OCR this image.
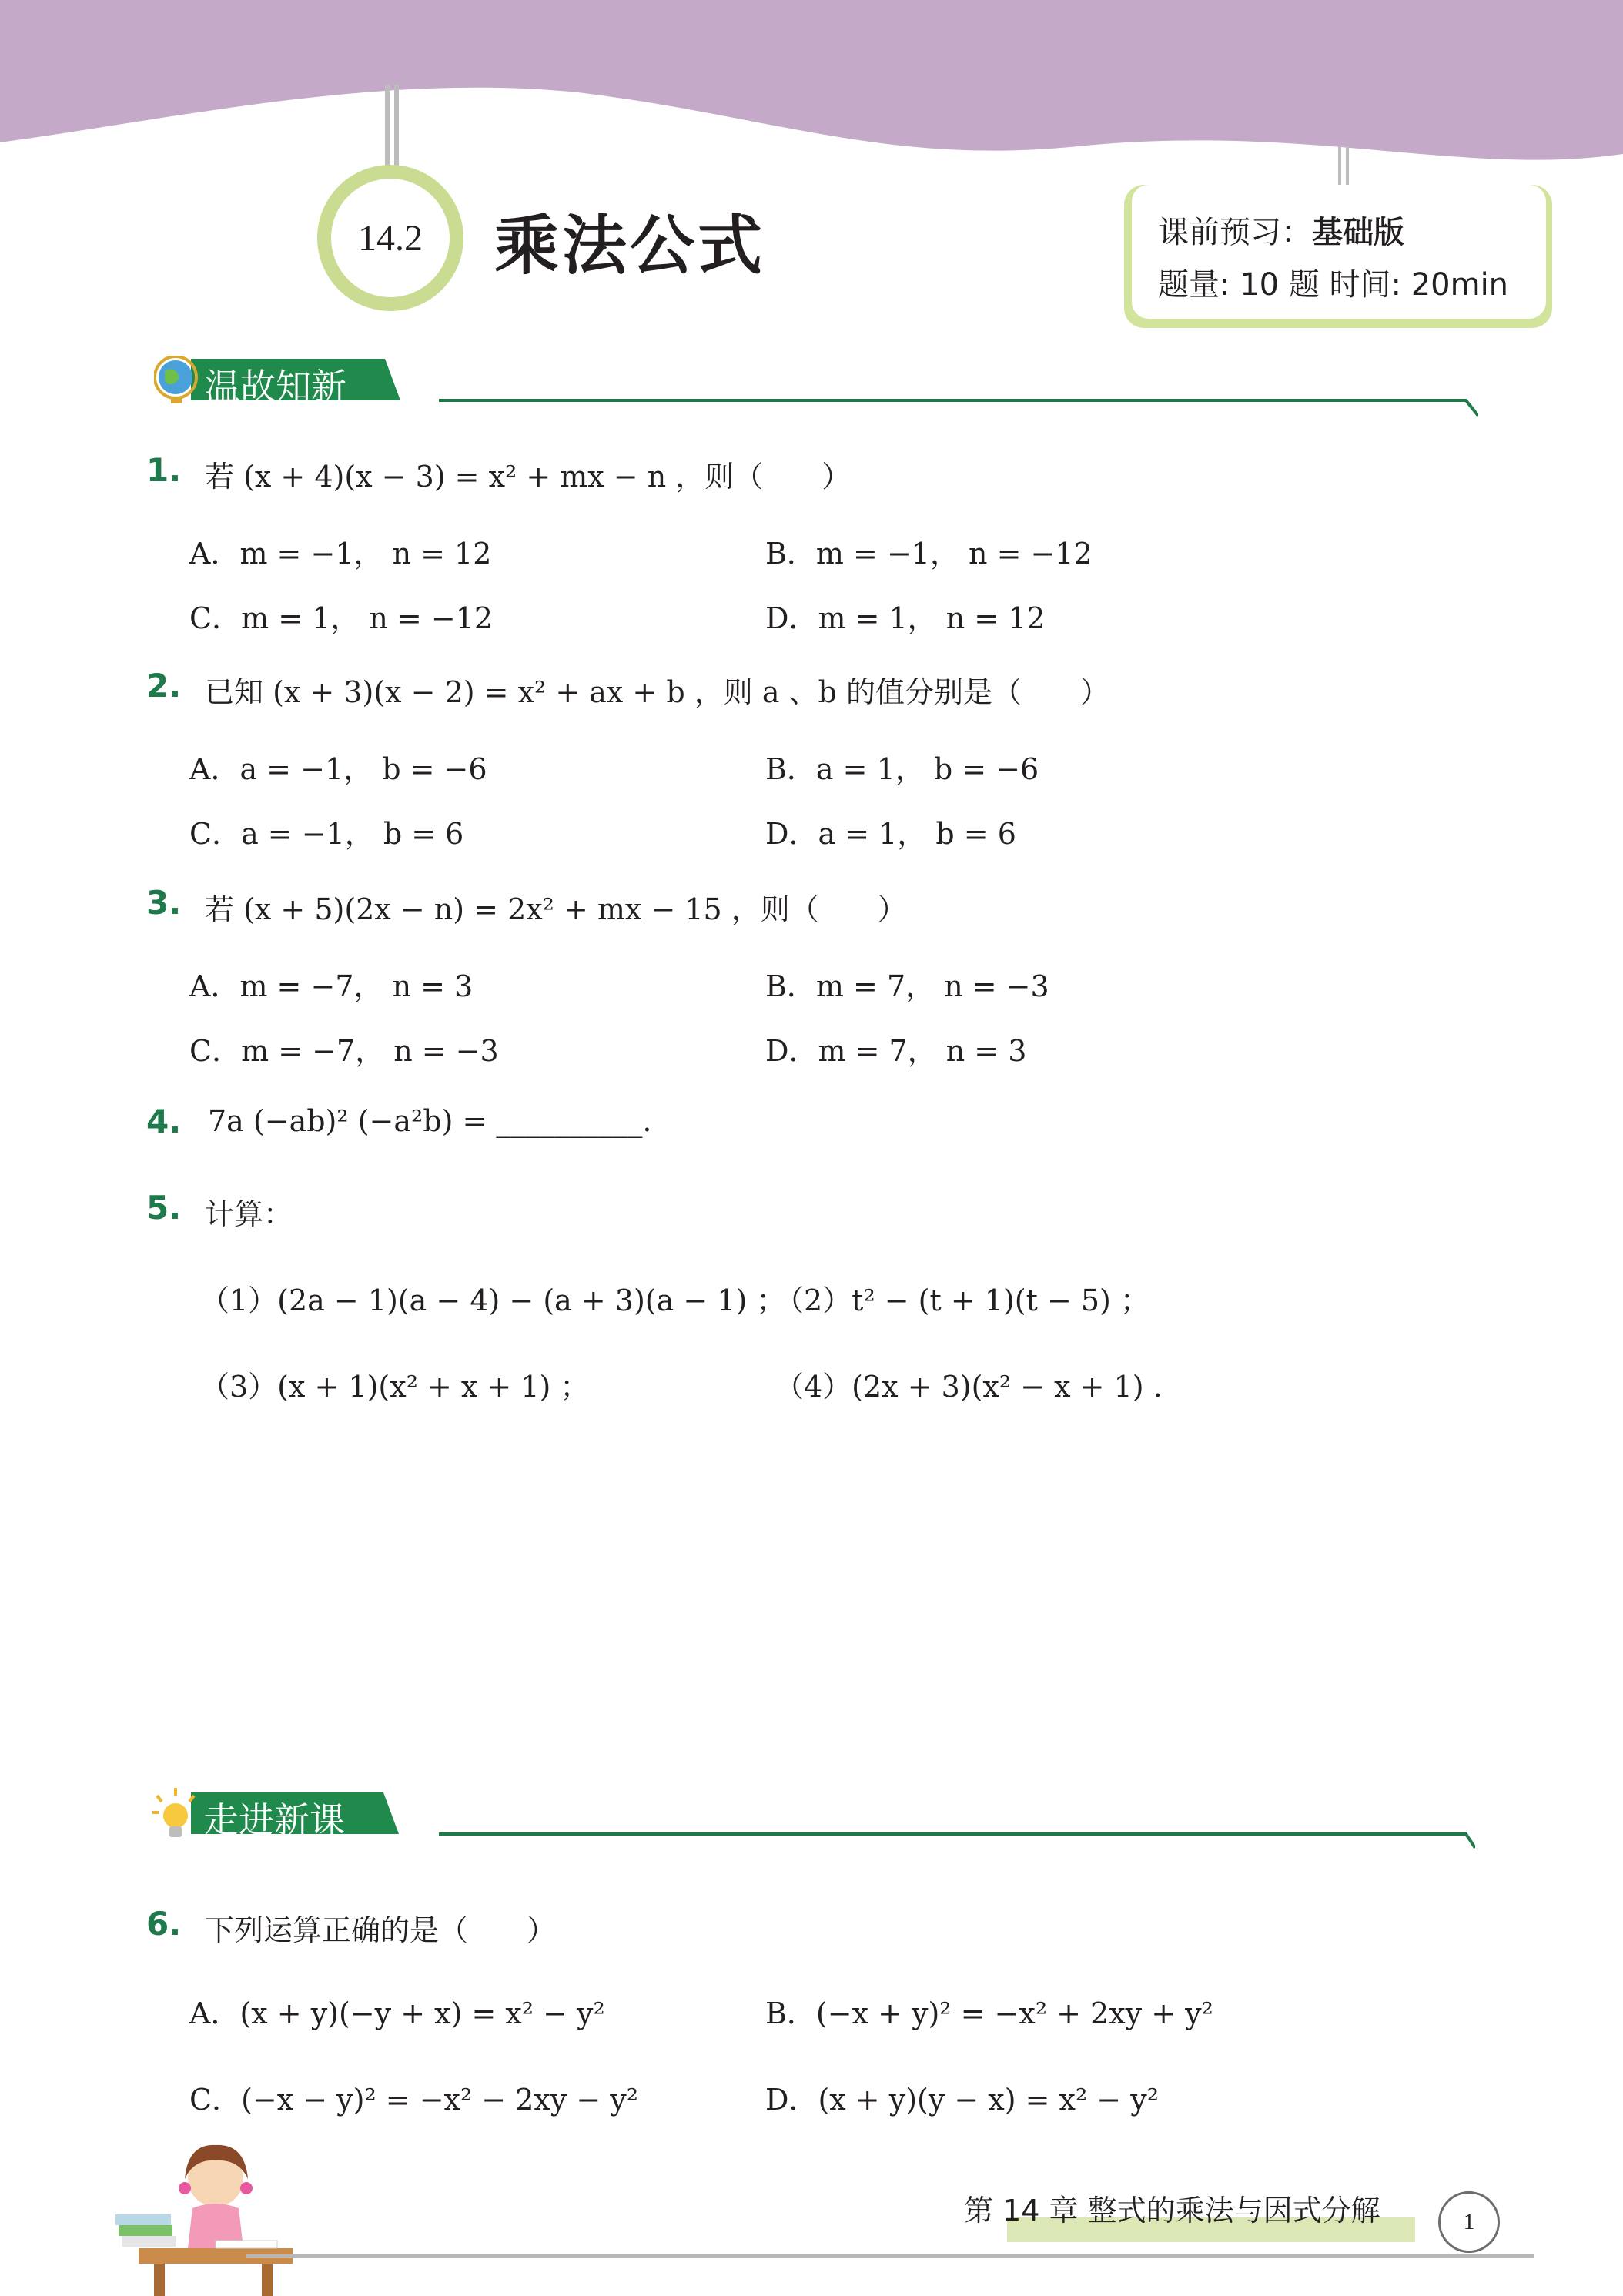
14.2	乘法公式	课前预习：基础版
题量: 10 题 时间: 20min
温故知新
1. 若 (x + 4)(x − 3) = x² + mx − n ，则（　　）
A．m = −1， n = 12	B．m = −1， n = −12
C．m = 1， n = −12	D．m = 1， n = 12
2. 已知 (x + 3)(x − 2) = x² + ax + b ，则 a 、b 的值分别是（　　）
A．a = −1， b = −6	B．a = 1， b = −6
C．a = −1， b = 6	D．a = 1， b = 6
3. 若 (x + 5)(2x − n) = 2x² + mx − 15 ，则（　　）
A．m = −7， n = 3	B．m = 7， n = −3
C．m = −7， n = −3	D．m = 7， n = 3
4. 7a (−ab)² (−a²b) = __________.
5. 计算：
（1）(2a − 1)(a − 4) − (a + 3)(a − 1) ；
（2）t² − (t + 1)(t − 5) ；
（3）(x + 1)(x² + x + 1) ；	（4）(2x + 3)(x² − x + 1) .
走进新课
6. 下列运算正确的是（　　）
A．(x + y)(−y + x) = x² − y²	B．(−x + y)² = −x² + 2xy + y²
C．(−x − y)² = −x² − 2xy − y²	D．(x + y)(y − x) = x² − y²
第 14 章 整式的乘法与因式分解	1
